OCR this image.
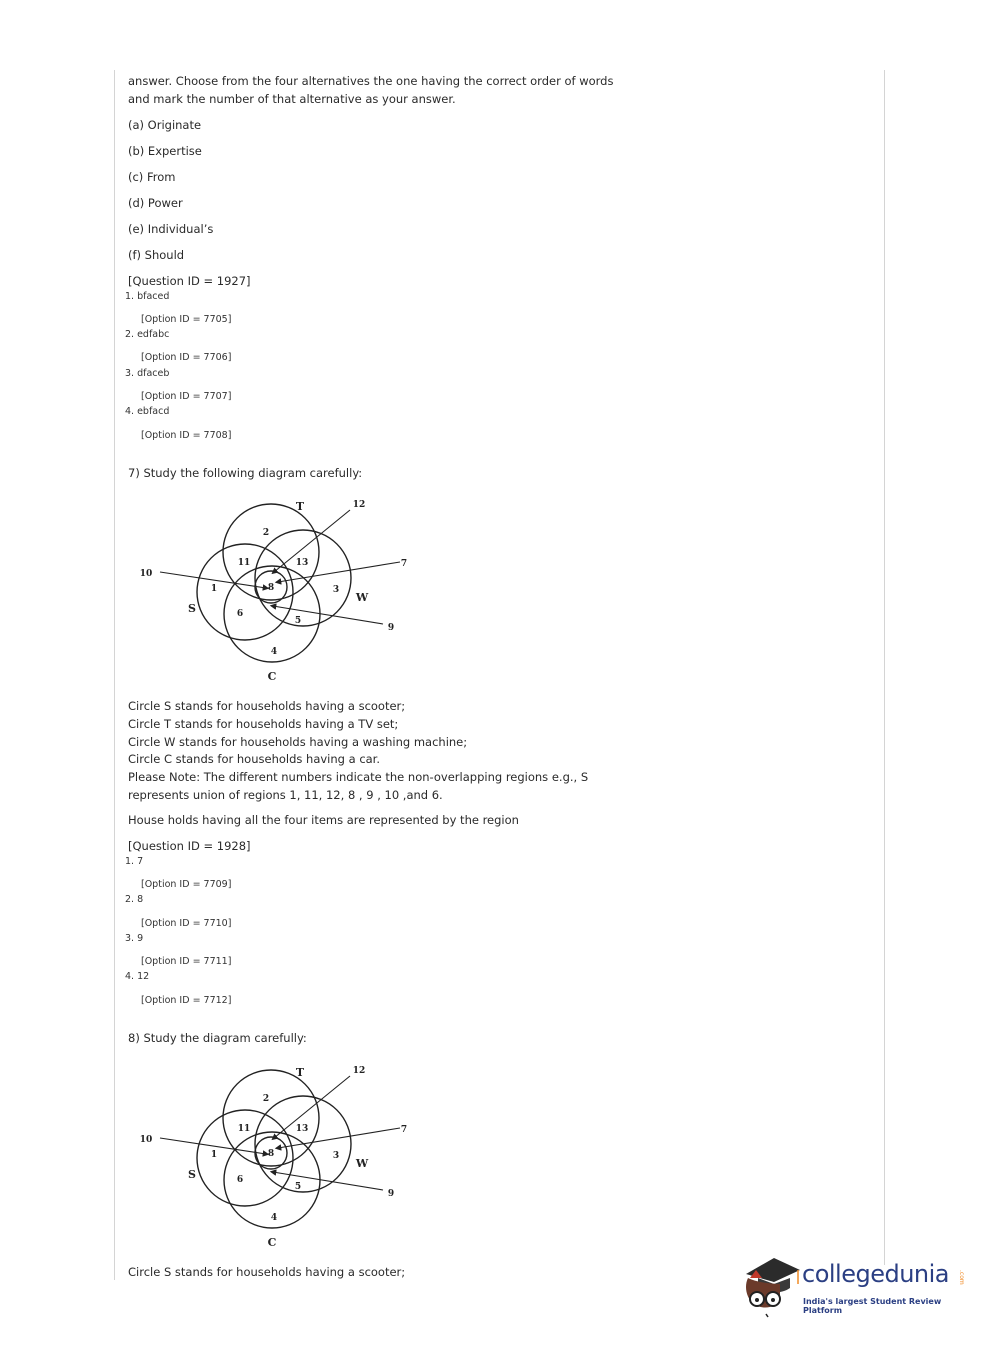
answer. Choose from the four alternatives the one having the correct order of words
and mark the number of that alternative as your answer.
(a) Originate
(b) Expertise
(c) From
(d) Power
(e) Individual’s
(f) Should
[Question ID = 1927]
1. bfaced
[Option ID = 7705]
2. edfabc
[Option ID = 7706]
3. dfaceb
[Option ID = 7707]
4. ebfacd
[Option ID = 7708]
7) Study the following diagram carefully:
T
S
W
C
2
11	13
1	8	3
6
5
4
10
12
7
9
Circle S stands for households having a scooter;
Circle T stands for households having a TV set;
Circle W stands for households having a washing machine;
Circle C stands for households having a car.
Please Note: The different numbers indicate the non-overlapping regions e.g., S
represents union of regions 1, 11, 12, 8 , 9 , 10 ,and 6.
House holds having all the four items are represented by the region
[Question ID = 1928]
1. 7
[Option ID = 7709]
2. 8
[Option ID = 7710]
3. 9
[Option ID = 7711]
4. 12
[Option ID = 7712]
8) Study the diagram carefully:
T
S
W
C
2
11	13
1	8	3
6
5
4
10
12
7
9
Circle S stands for households having a scooter;	collegedunia .com
India's largest Student Review Platform
